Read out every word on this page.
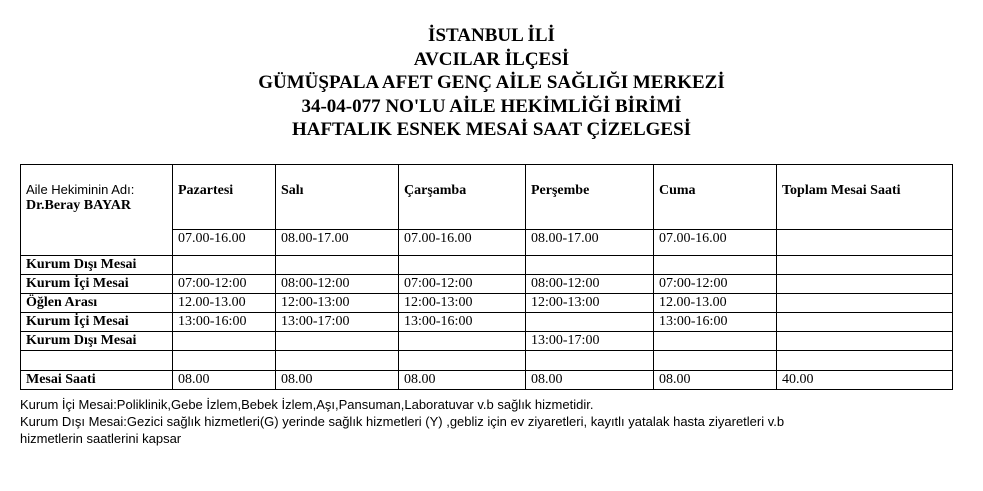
İSTANBUL İLİ
AVCILAR İLÇESİ
GÜMÜŞPALA AFET GENÇ AİLE SAĞLIĞI MERKEZİ
34-04-077 NO'LU AİLE HEKİMLİĞİ BİRİMİ
HAFTALIK ESNEK MESAİ SAAT ÇİZELGESİ
Aile Hekiminin Adı:
Dr.Beray BAYAR	Pazartesi	Salı	Çarşamba	Perşembe	Cuma	Toplam Mesai Saati
	07.00-16.00	08.00-17.00	07.00-16.00	08.00-17.00	07.00-16.00	
Kurum Dışı Mesai						
Kurum İçi Mesai	07:00-12:00	08:00-12:00	07:00-12:00	08:00-12:00	07:00-12:00	
Öğlen Arası	12.00-13.00	12:00-13:00	12:00-13:00	12:00-13:00	12.00-13.00	
Kurum İçi Mesai	13:00-16:00	13:00-17:00	13:00-16:00		13:00-16:00	
Kurum Dışı Mesai				13:00-17:00		

Mesai Saati	08.00	08.00	08.00	08.00	08.00	40.00
Kurum İçi Mesai:Poliklinik,Gebe İzlem,Bebek İzlem,Aşı,Pansuman,Laboratuvar v.b sağlık hizmetidir.
Kurum Dışı Mesai:Gezici sağlık hizmetleri(G) yerinde sağlık hizmetleri (Y) ,gebliz için ev ziyaretleri, kayıtlı yatalak hasta ziyaretleri v.b
hizmetlerin saatlerini kapsar
